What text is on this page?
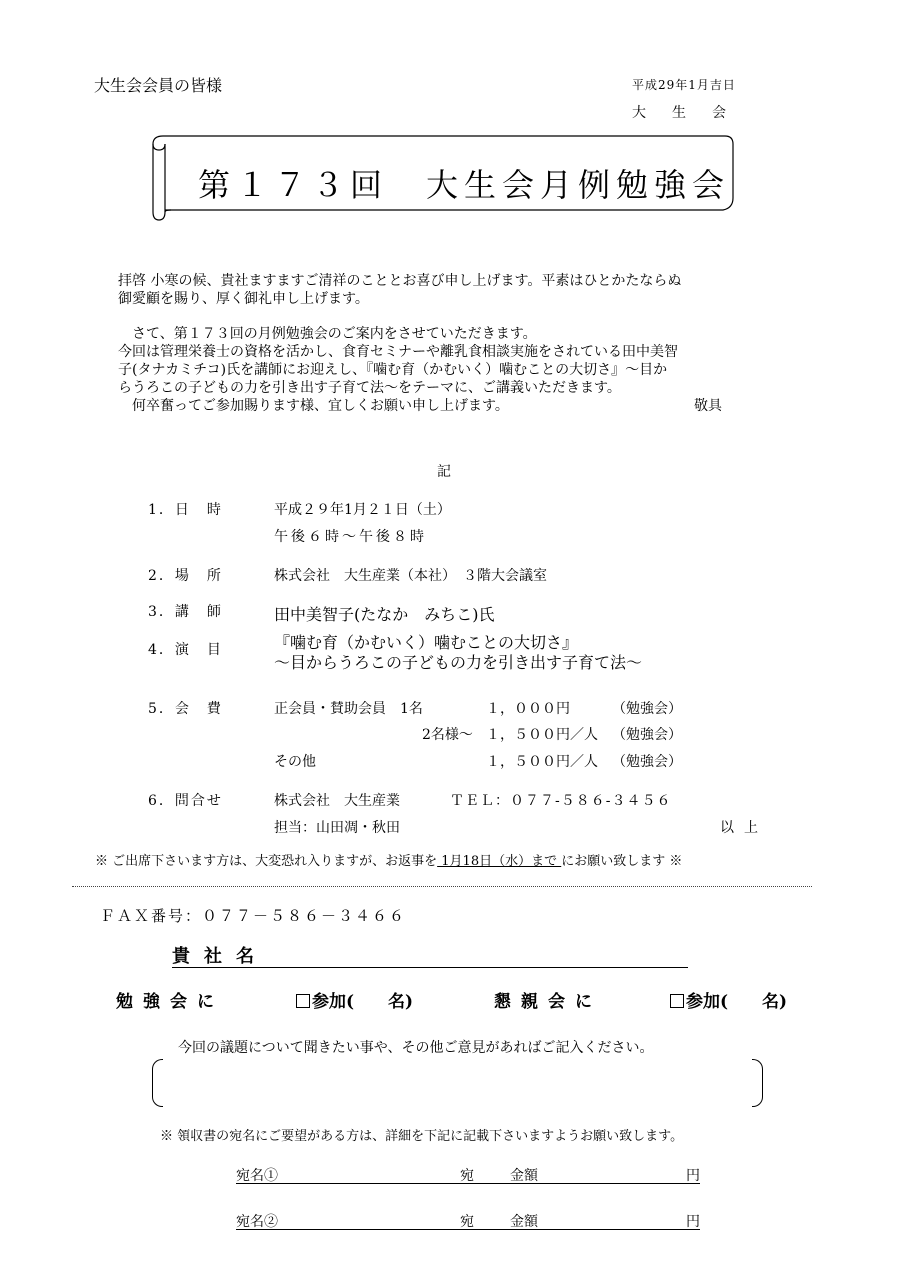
大生会会員の皆様	平成29年1月吉日
大生会
第１７３回　大生会月例勉強会
拝啓 小寒の候、貴社ますますご清祥のこととお喜び申し上げます。平素はひとかたならぬ
御愛顧を賜り、厚く御礼申し上げます。
　さて、第１７３回の月例勉強会のご案内をさせていただきます。
今回は管理栄養士の資格を活かし、食育セミナーや離乳食相談実施をされている田中美智
子(タナカミチコ)氏を講師にお迎えし、『噛む育（かむいく）噛むことの大切さ』～目か
らうろこの子どもの力を引き出す子育て法～をテーマに、ご講義いただきます。
　何卒奮ってご参加賜ります様、宜しくお願い申し上げます。	敬具
記
1．日　時	平成２９年1月２１日（土）
午後６時～午後８時
2．場　所	株式会社　大生産業（本社）　３階大会議室
3．講　師	田中美智子(たなか　みちこ)氏
4．演　目	『噛む育（かむいく）噛むことの大切さ』
～目からうろこの子どもの力を引き出す子育て法～
5．会　費	正会員・賛助会員　1名	１，０００円	（勉強会）
2名様～ １，５００円／人 （勉強会）
その他	１，５００円／人 （勉強会）
6．問合せ	株式会社　大生産業	ＴＥＬ：０７７-５８６-３４５６
担当：山田凋・秋田	以上
※ ご出席下さいます方は、大変恐れ入りますが、お返事を 1月18日（水）まで にお願い致します ※
ＦＡＸ番号：０７７－５８６－３４６６
貴社名
勉強会に	参加(　　名)	懇親会に	参加(　　名)
今回の議題について聞きたい事や、その他ご意見があればご記入ください。
※ 領収書の宛名にご要望がある方は、詳細を下記に記載下さいますようお願い致します。
宛名①	宛	金額	円
宛名②	宛	金額	円
